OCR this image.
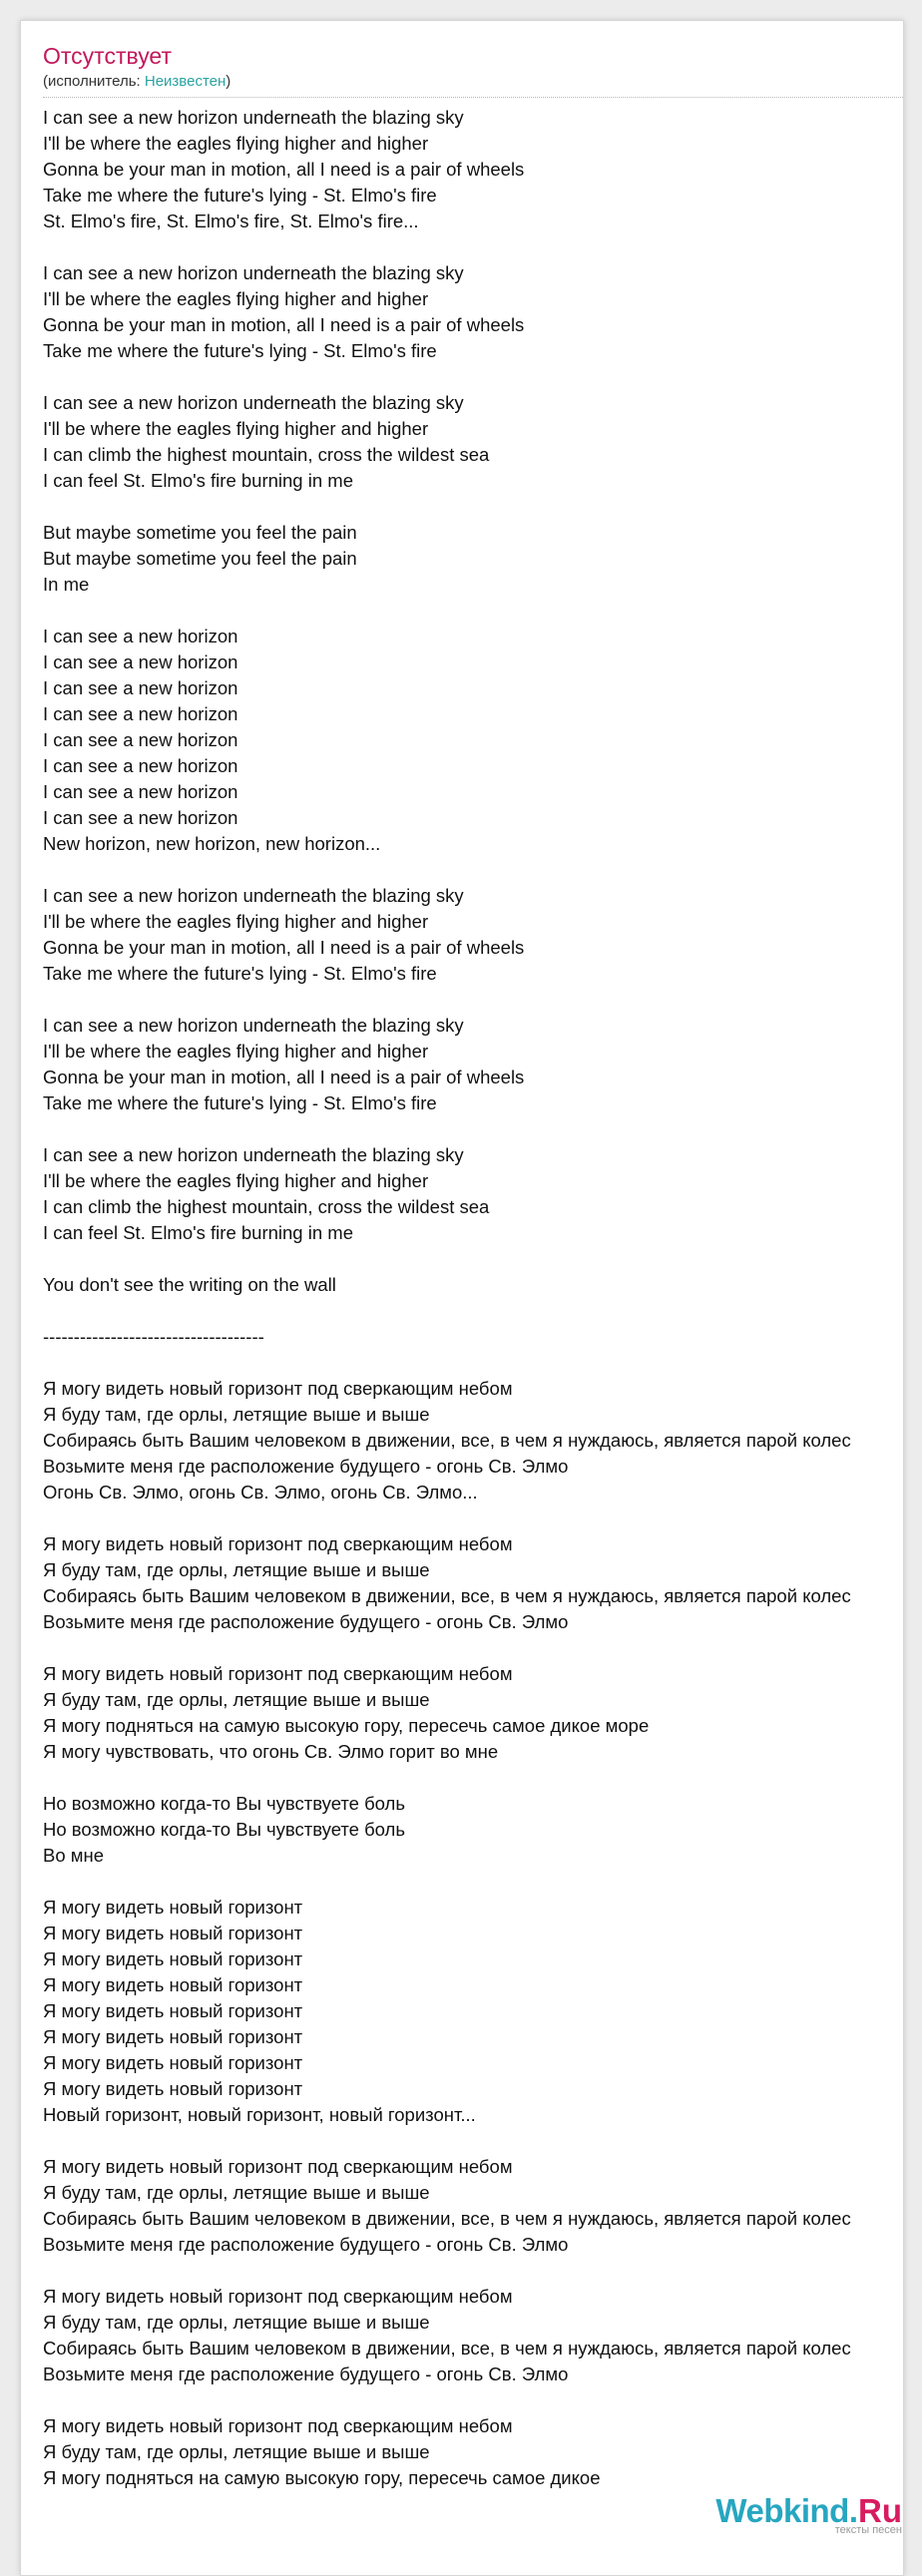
Отсутствует
(исполнитель: Неизвестен)
I can see a new horizon underneath the blazing sky
I'll be where the eagles flying higher and higher
Gonna be your man in motion, all I need is a pair of wheels
Take me where the future's lying - St. Elmo's fire
St. Elmo's fire, St. Elmo's fire, St. Elmo's fire...
I can see a new horizon underneath the blazing sky
I'll be where the eagles flying higher and higher
Gonna be your man in motion, all I need is a pair of wheels
Take me where the future's lying - St. Elmo's fire
I can see a new horizon underneath the blazing sky
I'll be where the eagles flying higher and higher
I can climb the highest mountain, cross the wildest sea
I can feel St. Elmo's fire burning in me
But maybe sometime you feel the pain
But maybe sometime you feel the pain
In me
I can see a new horizon
I can see a new horizon
I can see a new horizon
I can see a new horizon
I can see a new horizon
I can see a new horizon
I can see a new horizon
I can see a new horizon
New horizon, new horizon, new horizon...
I can see a new horizon underneath the blazing sky
I'll be where the eagles flying higher and higher
Gonna be your man in motion, all I need is a pair of wheels
Take me where the future's lying - St. Elmo's fire
I can see a new horizon underneath the blazing sky
I'll be where the eagles flying higher and higher
Gonna be your man in motion, all I need is a pair of wheels
Take me where the future's lying - St. Elmo's fire
I can see a new horizon underneath the blazing sky
I'll be where the eagles flying higher and higher
I can climb the highest mountain, cross the wildest sea
I can feel St. Elmo's fire burning in me
You don't see the writing on the wall
------------------------------------
Я могу видеть новый горизонт под сверкающим небом
Я буду там, где орлы, летящие выше и выше
Собираясь быть Вашим человеком в движении, все, в чем я нуждаюсь, является парой колес
Возьмите меня где расположение будущего - огонь Св. Элмо
Огонь Св. Элмо, огонь Св. Элмо, огонь Св. Элмо...
Я могу видеть новый горизонт под сверкающим небом
Я буду там, где орлы, летящие выше и выше
Собираясь быть Вашим человеком в движении, все, в чем я нуждаюсь, является парой колес
Возьмите меня где расположение будущего - огонь Св. Элмо
Я могу видеть новый горизонт под сверкающим небом
Я буду там, где орлы, летящие выше и выше
Я могу подняться на самую высокую гору, пересечь самое дикое море
Я могу чувствовать, что огонь Св. Элмо горит во мне
Но возможно когда-то Вы чувствуете боль
Но возможно когда-то Вы чувствуете боль
Во мне
Я могу видеть новый горизонт
Я могу видеть новый горизонт
Я могу видеть новый горизонт
Я могу видеть новый горизонт
Я могу видеть новый горизонт
Я могу видеть новый горизонт
Я могу видеть новый горизонт
Я могу видеть новый горизонт
Новый горизонт, новый горизонт, новый горизонт...
Я могу видеть новый горизонт под сверкающим небом
Я буду там, где орлы, летящие выше и выше
Собираясь быть Вашим человеком в движении, все, в чем я нуждаюсь, является парой колес
Возьмите меня где расположение будущего - огонь Св. Элмо
Я могу видеть новый горизонт под сверкающим небом
Я буду там, где орлы, летящие выше и выше
Собираясь быть Вашим человеком в движении, все, в чем я нуждаюсь, является парой колес
Возьмите меня где расположение будущего - огонь Св. Элмо
Я могу видеть новый горизонт под сверкающим небом
Я буду там, где орлы, летящие выше и выше
Я могу подняться на самую высокую гору, пересечь самое дикое
Webkind.Ru
тексты песен
